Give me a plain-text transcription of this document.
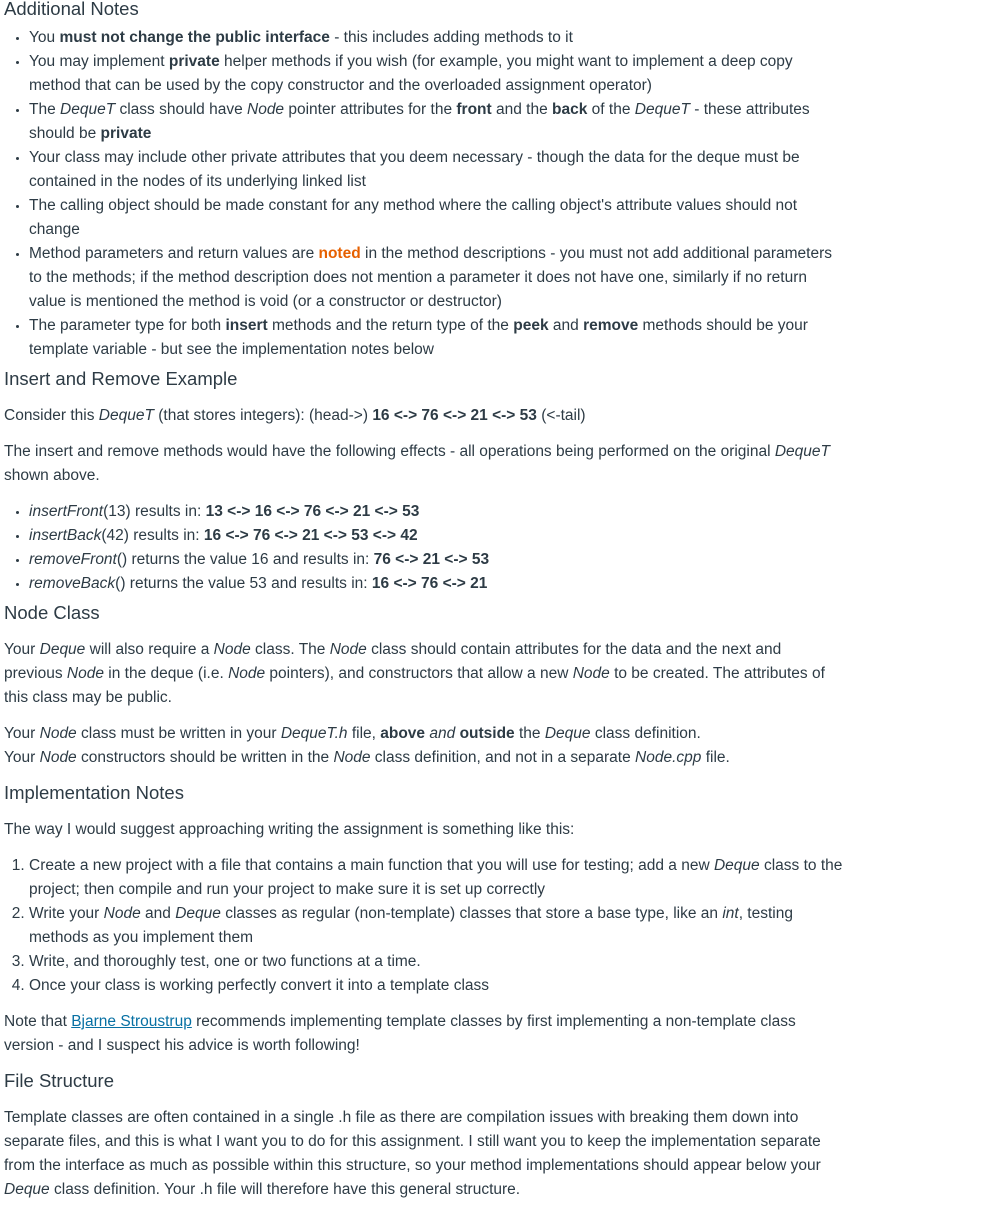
Additional Notes
• You must not change the public interface - this includes adding methods to it
• You may implement private helper methods if you wish (for example, you might want to implement a deep copy method that can be used by the copy constructor and the overloaded assignment operator)
• The DequeT class should have Node pointer attributes for the front and the back of the DequeT - these attributes should be private
• Your class may include other private attributes that you deem necessary - though the data for the deque must be contained in the nodes of its underlying linked list
• The calling object should be made constant for any method where the calling object's attribute values should not change
• Method parameters and return values are noted in the method descriptions - you must not add additional parameters to the methods; if the method description does not mention a parameter it does not have one, similarly if no return value is mentioned the method is void (or a constructor or destructor)
• The parameter type for both insert methods and the return type of the peek and remove methods should be your template variable - but see the implementation notes below
Insert and Remove Example

Consider this DequeT (that stores integers): (head->) 16 <-> 76 <-> 21 <-> 53 (<-tail)

The insert and remove methods would have the following effects - all operations being performed on the original DequeT shown above.

• insertFront(13) results in: 13 <-> 16 <-> 76 <-> 21 <-> 53
• insertBack(42) results in: 16 <-> 76 <-> 21 <-> 53 <-> 42
• removeFront() returns the value 16 and results in: 76 <-> 21 <-> 53
• removeBack() returns the value 53 and results in: 16 <-> 76 <-> 21
Node Class

Your Deque will also require a Node class. The Node class should contain attributes for the data and the next and previous Node in the deque (i.e. Node pointers), and constructors that allow a new Node to be created. The attributes of this class may be public.

Your Node class must be written in your DequeT.h file, above and outside the Deque class definition.
Your Node constructors should be written in the Node class definition, and not in a separate Node.cpp file.

Implementation Notes

The way I would suggest approaching writing the assignment is something like this:

1. Create a new project with a file that contains a main function that you will use for testing; add a new Deque class to the project; then compile and run your project to make sure it is set up correctly
2. Write your Node and Deque classes as regular (non-template) classes that store a base type, like an int, testing methods as you implement them
3. Write, and thoroughly test, one or two functions at a time.
4. Once your class is working perfectly convert it into a template class

Note that Bjarne Stroustrup recommends implementing template classes by first implementing a non-template class version - and I suspect his advice is worth following!

File Structure

Template classes are often contained in a single .h file as there are compilation issues with breaking them down into separate files, and this is what I want you to do for this assignment. I still want you to keep the implementation separate from the interface as much as possible within this structure, so your method implementations should appear below your Deque class definition. Your .h file will therefore have this general structure.
